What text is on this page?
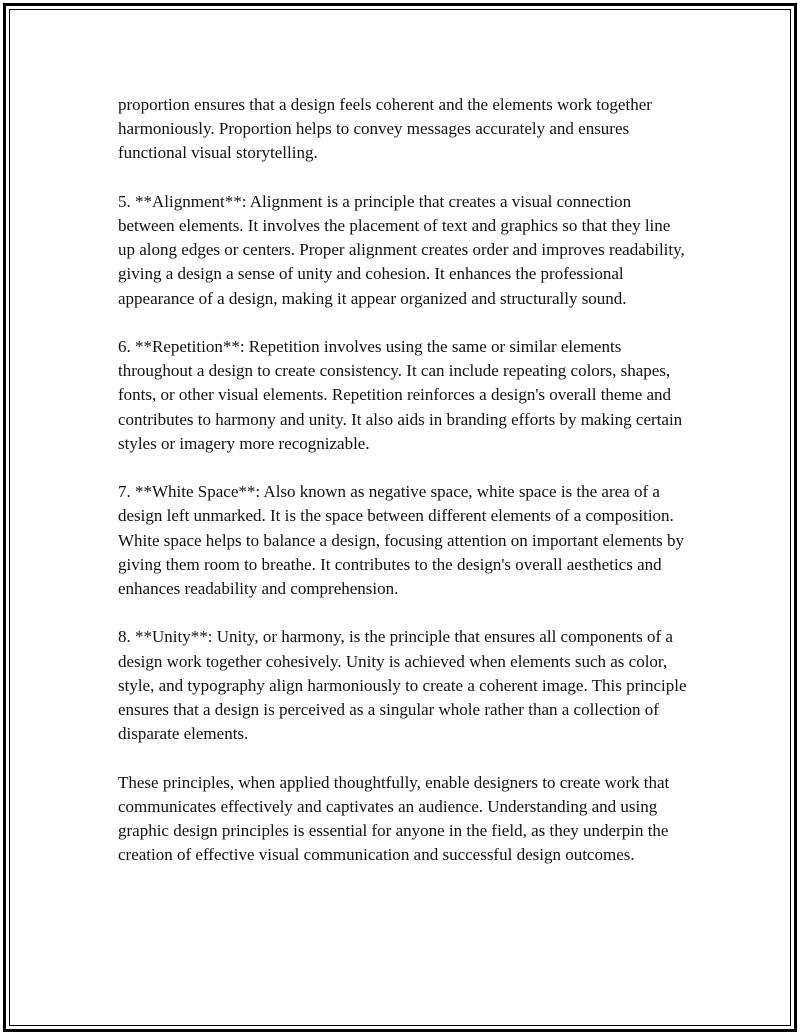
proportion ensures that a design feels coherent and the elements work together harmoniously. Proportion helps to convey messages accurately and ensures functional visual storytelling.

5. **Alignment**: Alignment is a principle that creates a visual connection between elements. It involves the placement of text and graphics so that they line up along edges or centers. Proper alignment creates order and improves readability, giving a design a sense of unity and cohesion. It enhances the professional appearance of a design, making it appear organized and structurally sound.

6. **Repetition**: Repetition involves using the same or similar elements throughout a design to create consistency. It can include repeating colors, shapes, fonts, or other visual elements. Repetition reinforces a design's overall theme and contributes to harmony and unity. It also aids in branding efforts by making certain styles or imagery more recognizable.

7. **White Space**: Also known as negative space, white space is the area of a design left unmarked. It is the space between different elements of a composition. White space helps to balance a design, focusing attention on important elements by giving them room to breathe. It contributes to the design's overall aesthetics and enhances readability and comprehension.

8. **Unity**: Unity, or harmony, is the principle that ensures all components of a design work together cohesively. Unity is achieved when elements such as color, style, and typography align harmoniously to create a coherent image. This principle ensures that a design is perceived as a singular whole rather than a collection of disparate elements.

These principles, when applied thoughtfully, enable designers to create work that communicates effectively and captivates an audience. Understanding and using graphic design principles is essential for anyone in the field, as they underpin the creation of effective visual communication and successful design outcomes.
